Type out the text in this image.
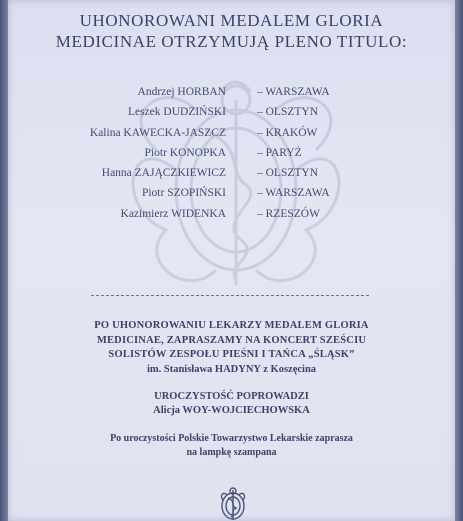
UHONOROWANI MEDALEM GLORIA
MEDICINAE OTRZYMUJĄ PLENO TITULO:
Andrzej HORBAN	– WARSZAWA
Leszek DUDZIŃSKI	– OLSZTYN
Kalina KAWECKA-JASZCZ	– KRAKÓW
Piotr KONOPKA	– PARYŻ
Hanna ZAJĄCZKIEWICZ	– OLSZTYN
Piotr SZOPIŃSKI	– WARSZAWA
Kazimierz WIDENKA	– RZESZÓW
PO UHONOROWANIU LEKARZY MEDALEM GLORIA
MEDICINAE, ZAPRASZAMY NA KONCERT SZEŚCIU
SOLISTÓW ZESPOŁU PIEŚNI I TAŃCA „ŚLĄSK”
im. Stanisława HADYNY z Koszęcina
UROCZYSTOŚĆ POPROWADZI
Alicja WOY-WOJCIECHOWSKA
Po uroczystości Polskie Towarzystwo Lekarskie zaprasza
na lampkę szampana
